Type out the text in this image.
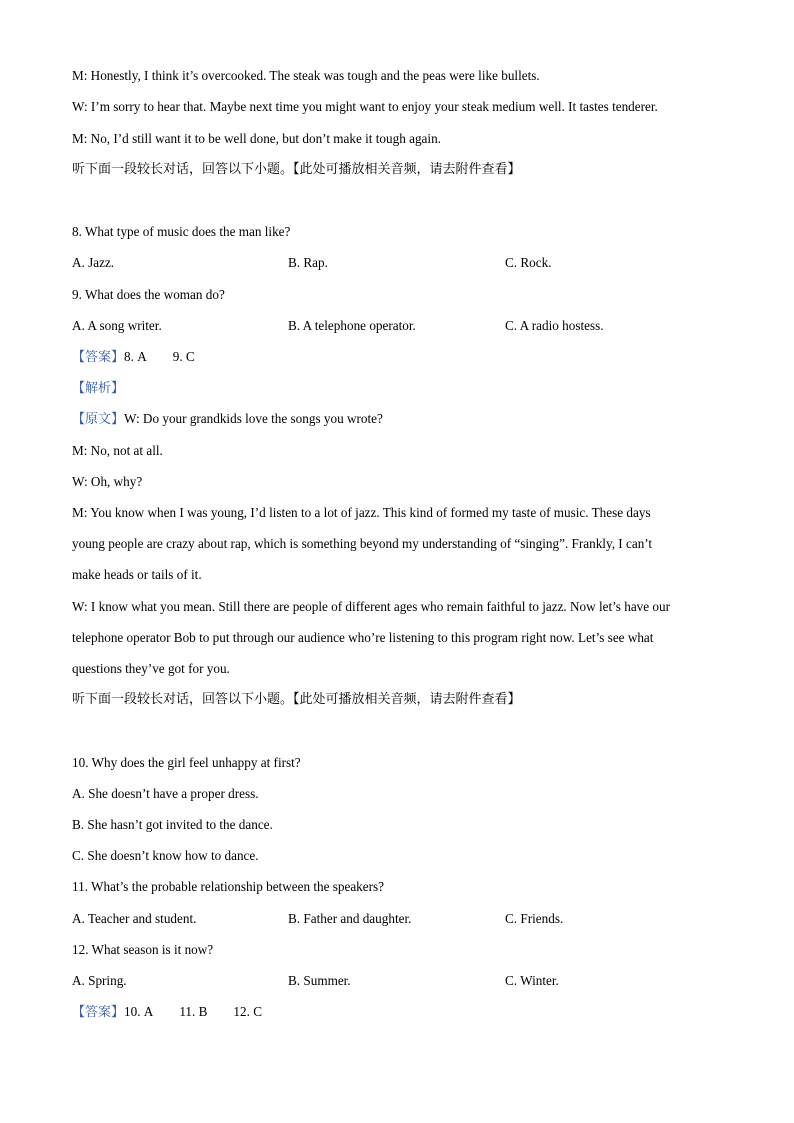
M: Honestly, I think it’s overcooked. The steak was tough and the peas were like bullets.
W: I’m sorry to hear that. Maybe next time you might want to enjoy your steak medium well. It tastes tenderer.
M: No, I’d still want it to be well done, but don’t make it tough again.
听下面一段较长对话，回答以下小题。【此处可播放相关音频，请去附件查看】
8. What type of music does the man like?
A. Jazz.	B. Rap.	C. Rock.
9. What does the woman do?
A. A song writer.	B. A telephone operator.	C. A radio hostess.
【答案】8. A 9. C
【解析】
【原文】W: Do your grandkids love the songs you wrote?
M: No, not at all.
W: Oh, why?
M: You know when I was young, I’d listen to a lot of jazz. This kind of formed my taste of music. These days
young people are crazy about rap, which is something beyond my understanding of “singing”. Frankly, I can’t
make heads or tails of it.
W: I know what you mean. Still there are people of different ages who remain faithful to jazz. Now let’s have our
telephone operator Bob to put through our audience who’re listening to this program right now. Let’s see what
questions they’ve got for you.
听下面一段较长对话，回答以下小题。【此处可播放相关音频，请去附件查看】
10. Why does the girl feel unhappy at first?
A. She doesn’t have a proper dress.
B. She hasn’t got invited to the dance.
C. She doesn’t know how to dance.
11. What’s the probable relationship between the speakers?
A. Teacher and student.	B. Father and daughter.	C. Friends.
12. What season is it now?
A. Spring.	B. Summer.	C. Winter.
【答案】10. A 11. B 12. C
